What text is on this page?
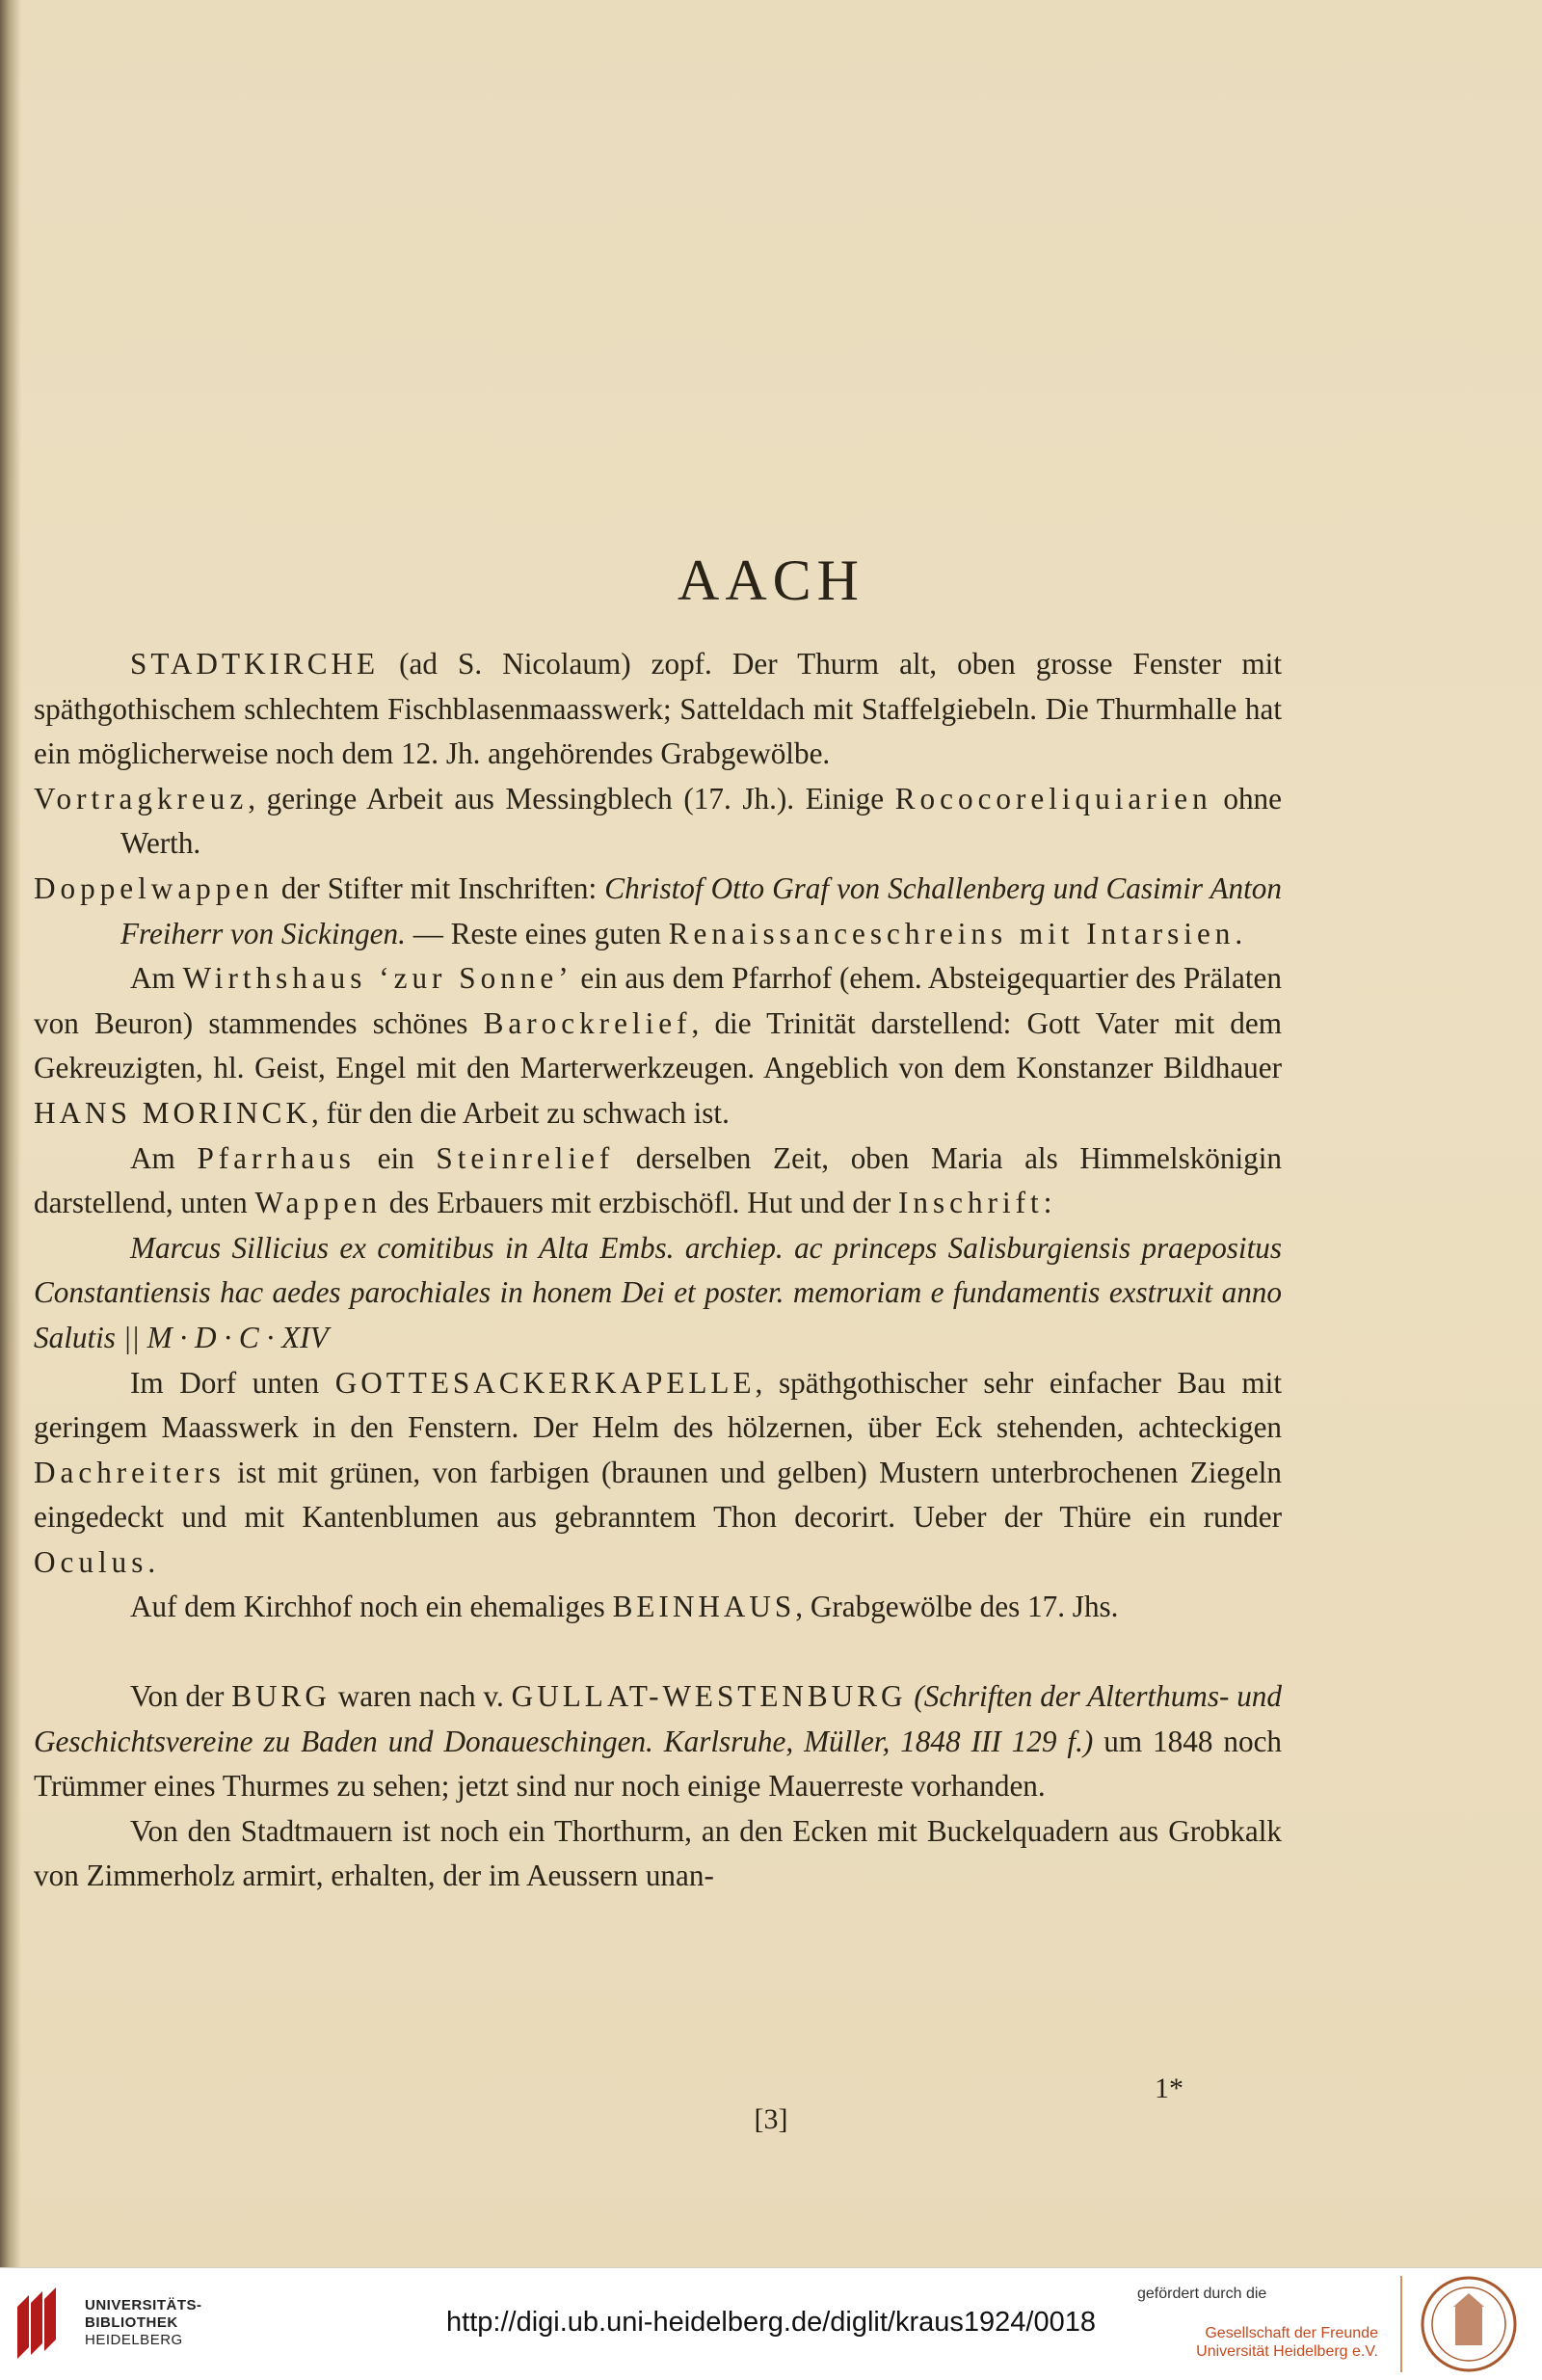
AACH

STADTKIRCHE (ad S. Nicolaum) zopf. Der Thurm alt, oben grosse Fenster mit späthgothischem schlechtem Fischblasenmaasswerk; Satteldach mit Staffelgiebeln. Die Thurmhalle hat ein möglicherweise noch dem 12. Jh. angehörendes Grabgewölbe.

Vortragkreuz, geringe Arbeit aus Messingblech (17. Jh.). Einige Rococoreliquiarien ohne Werth.

Doppelwappen der Stifter mit Inschriften: Christof Otto Graf von Schallenberg und Casimir Anton Freiherr von Sickingen. — Reste eines guten Renaissanceschreins mit Intarsien.

Am Wirthshaus ‘zur Sonne’ ein aus dem Pfarrhof (ehem. Absteigequartier des Prälaten von Beuron) stammendes schönes Barockrelief, die Trinität darstellend: Gott Vater mit dem Gekreuzigten, hl. Geist, Engel mit den Marterwerkzeugen. Angeblich von dem Konstanzer Bildhauer HANS MORINCK, für den die Arbeit zu schwach ist.

Am Pfarrhaus ein Steinrelief derselben Zeit, oben Maria als Himmelskönigin darstellend, unten Wappen des Erbauers mit erzbischöfl. Hut und der Inschrift:

Marcus Sillicius ex comitibus in Alta Embs. archiep. ac princeps Salisburgiensis praepositus Constantiensis hac aedes parochiales in honem Dei et poster. memoriam e fundamentis exstruxit anno Salutis || M · D · C · XIV

Im Dorf unten GOTTESACKERKAPELLE, späthgothischer sehr einfacher Bau mit geringem Maasswerk in den Fenstern. Der Helm des hölzernen, über Eck stehenden, achteckigen Dachreiters ist mit grünen, von farbigen (braunen und gelben) Mustern unterbrochenen Ziegeln eingedeckt und mit Kantenblumen aus gebranntem Thon decorirt. Ueber der Thüre ein runder Oculus.

Auf dem Kirchhof noch ein ehemaliges BEINHAUS, Grabgewölbe des 17. Jhs.

Von der BURG waren nach v. GULLAT-WESTENBURG (Schriften der Alterthums- und Geschichtsvereine zu Baden und Donaueschingen. Karlsruhe, Müller, 1848 III 129 f.) um 1848 noch Trümmer eines Thurmes zu sehen; jetzt sind nur noch einige Mauerreste vorhanden.

Von den Stadtmauern ist noch ein Thorthurm, an den Ecken mit Buckelquadern aus Grobkalk von Zimmerholz armirt, erhalten, der im Aeussern unan-

1*
[3]
UNIVERSITÄTS-
BIBLIOTHEK
HEIDELBERG
http://digi.ub.uni-heidelberg.de/diglit/kraus1924/0018
gefördert durch die
Gesellschaft der Freunde
Universität Heidelberg e.V.
